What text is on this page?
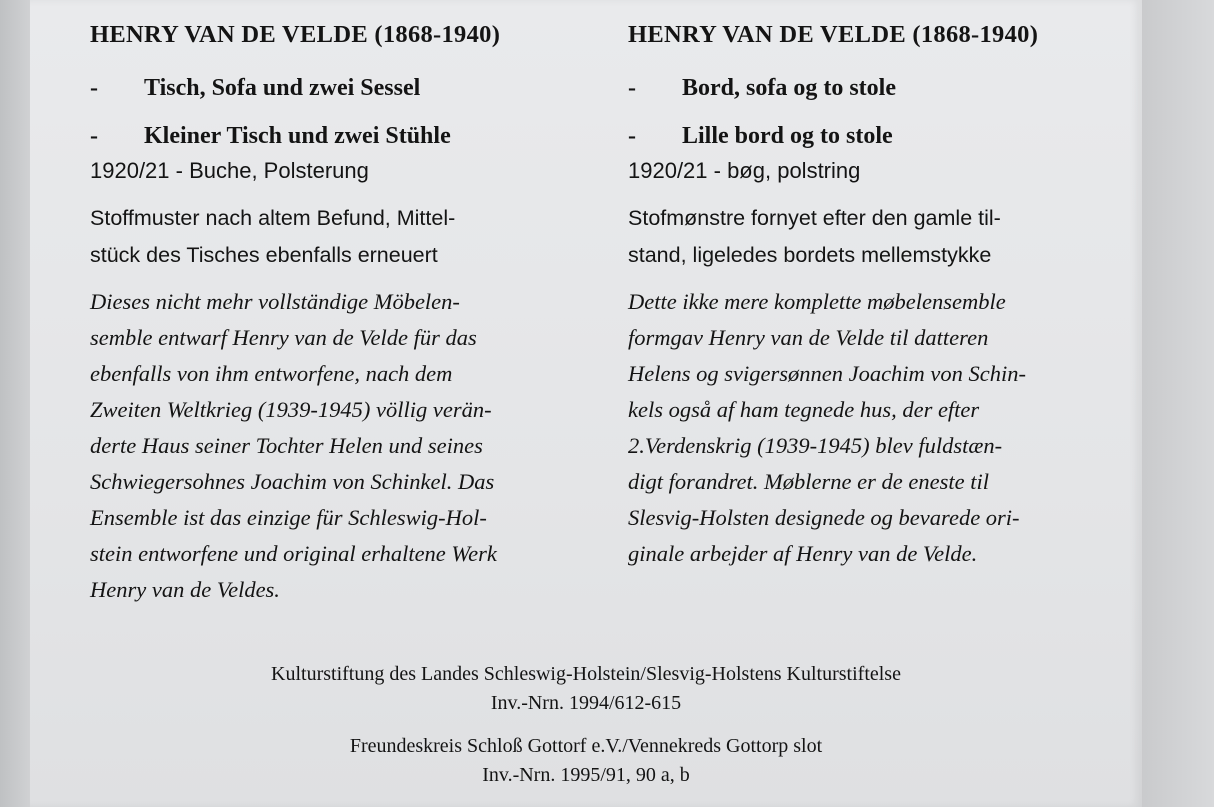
HENRY VAN DE VELDE (1868-1940)
- Tisch, Sofa und zwei Sessel
- Kleiner Tisch und zwei Stühle
1920/21 - Buche, Polsterung
Stoffmuster nach altem Befund, Mittel-
stück des Tisches ebenfalls erneuert
Dieses nicht mehr vollständige Möbelen-
semble entwarf Henry van de Velde für das
ebenfalls von ihm entworfene, nach dem
Zweiten Weltkrieg (1939-1945) völlig verän-
derte Haus seiner Tochter Helen und seines
Schwiegersohnes Joachim von Schinkel. Das
Ensemble ist das einzige für Schleswig-Hol-
stein entworfene und original erhaltene Werk
Henry van de Veldes.
HENRY VAN DE VELDE (1868-1940)
- Bord, sofa og to stole
- Lille bord og to stole
1920/21 - bøg, polstring
Stofmønstre fornyet efter den gamle til-
stand, ligeledes bordets mellemstykke
Dette ikke mere komplette møbelensemble
formgav Henry van de Velde til datteren
Helens og svigersønnen Joachim von Schin-
kels også af ham tegnede hus, der efter
2.Verdenskrig (1939-1945) blev fuldstæn-
digt forandret. Møblerne er de eneste til
Slesvig-Holsten designede og bevarede ori-
ginale arbejder af Henry van de Velde.
Kulturstiftung des Landes Schleswig-Holstein/Slesvig-Holstens Kulturstiftelse
Inv.-Nrn. 1994/612-615
Freundeskreis Schloß Gottorf e.V./Vennekreds Gottorp slot
Inv.-Nrn. 1995/91, 90 a, b
